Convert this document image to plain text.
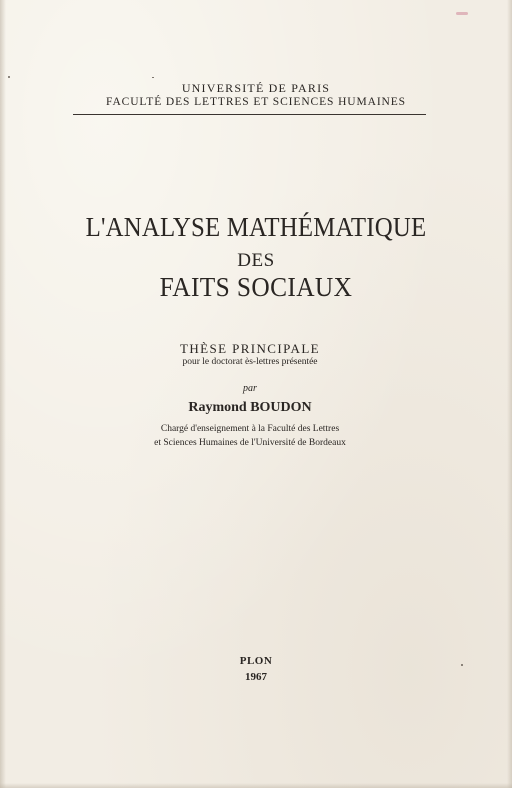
UNIVERSITÉ DE PARIS
FACULTÉ DES LETTRES ET SCIENCES HUMAINES
L'ANALYSE MATHÉMATIQUE
DES
FAITS SOCIAUX
THÈSE PRINCIPALE
pour le doctorat ès-lettres présentée
par
Raymond BOUDON
Chargé d'enseignement à la Faculté des Lettres
et Sciences Humaines de l'Université de Bordeaux
PLON
1967
